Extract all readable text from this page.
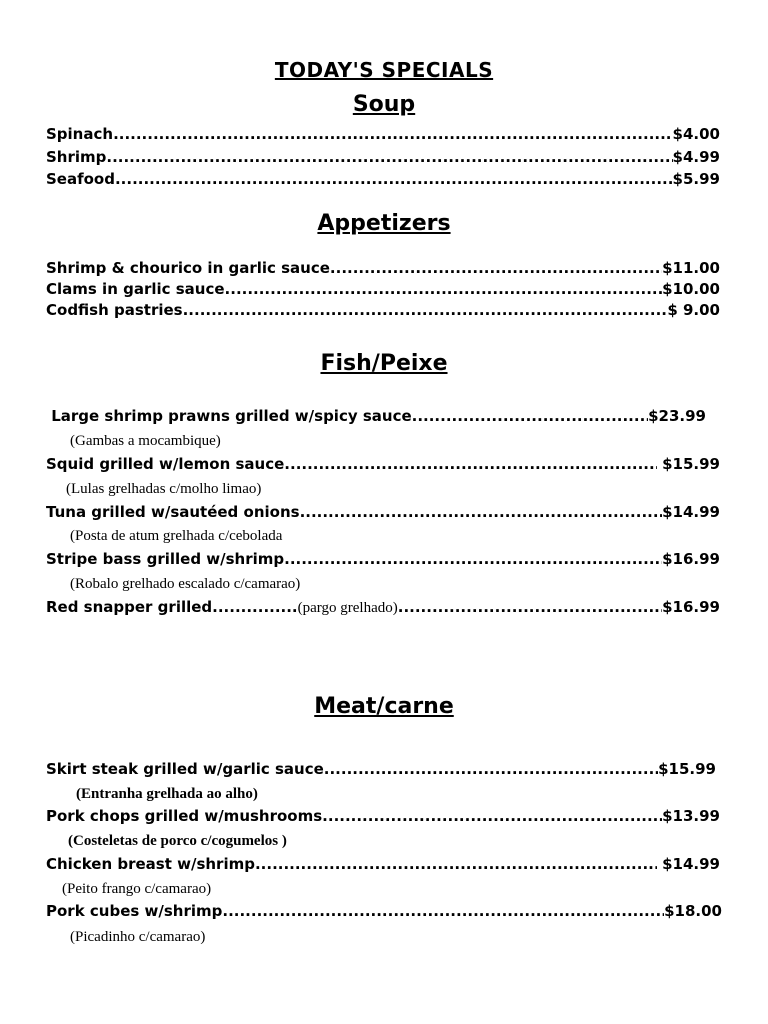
TODAY'S SPECIALS
Soup
Spinach .....	$4.00
Shrimp .....	$4.99
Seafood .....	$5.99
Appetizers
Shrimp & chourico in garlic sauce .....	$11.00
Clams in garlic sauce .....	$10.00
Codfish pastries .....	$ 9.00
Fish/Peixe
Large shrimp prawns grilled w/spicy sauce .....	$23.99
(Gambas a mocambique)
Squid grilled w/lemon sauce .....	$15.99
(Lulas grelhadas c/molho limao)
Tuna grilled w/sautéed onions .....	$14.99
(Posta de atum grelhada c/cebolada
Stripe bass grilled w/shrimp .....	$16.99
(Robalo grelhado escalado c/camarao)
Red snapper grilled ............... (pargo grelhado) .....	$16.99
Meat/carne
Skirt steak grilled w/garlic sauce .....	$15.99
(Entranha grelhada ao alho)
Pork chops grilled w/mushrooms .....	$13.99
(Costeletas de porco c/cogumelos )
Chicken breast w/shrimp .....	$14.99
(Peito frango c/camarao)
Pork cubes w/shrimp .....	$18.00
(Picadinho c/camarao)
